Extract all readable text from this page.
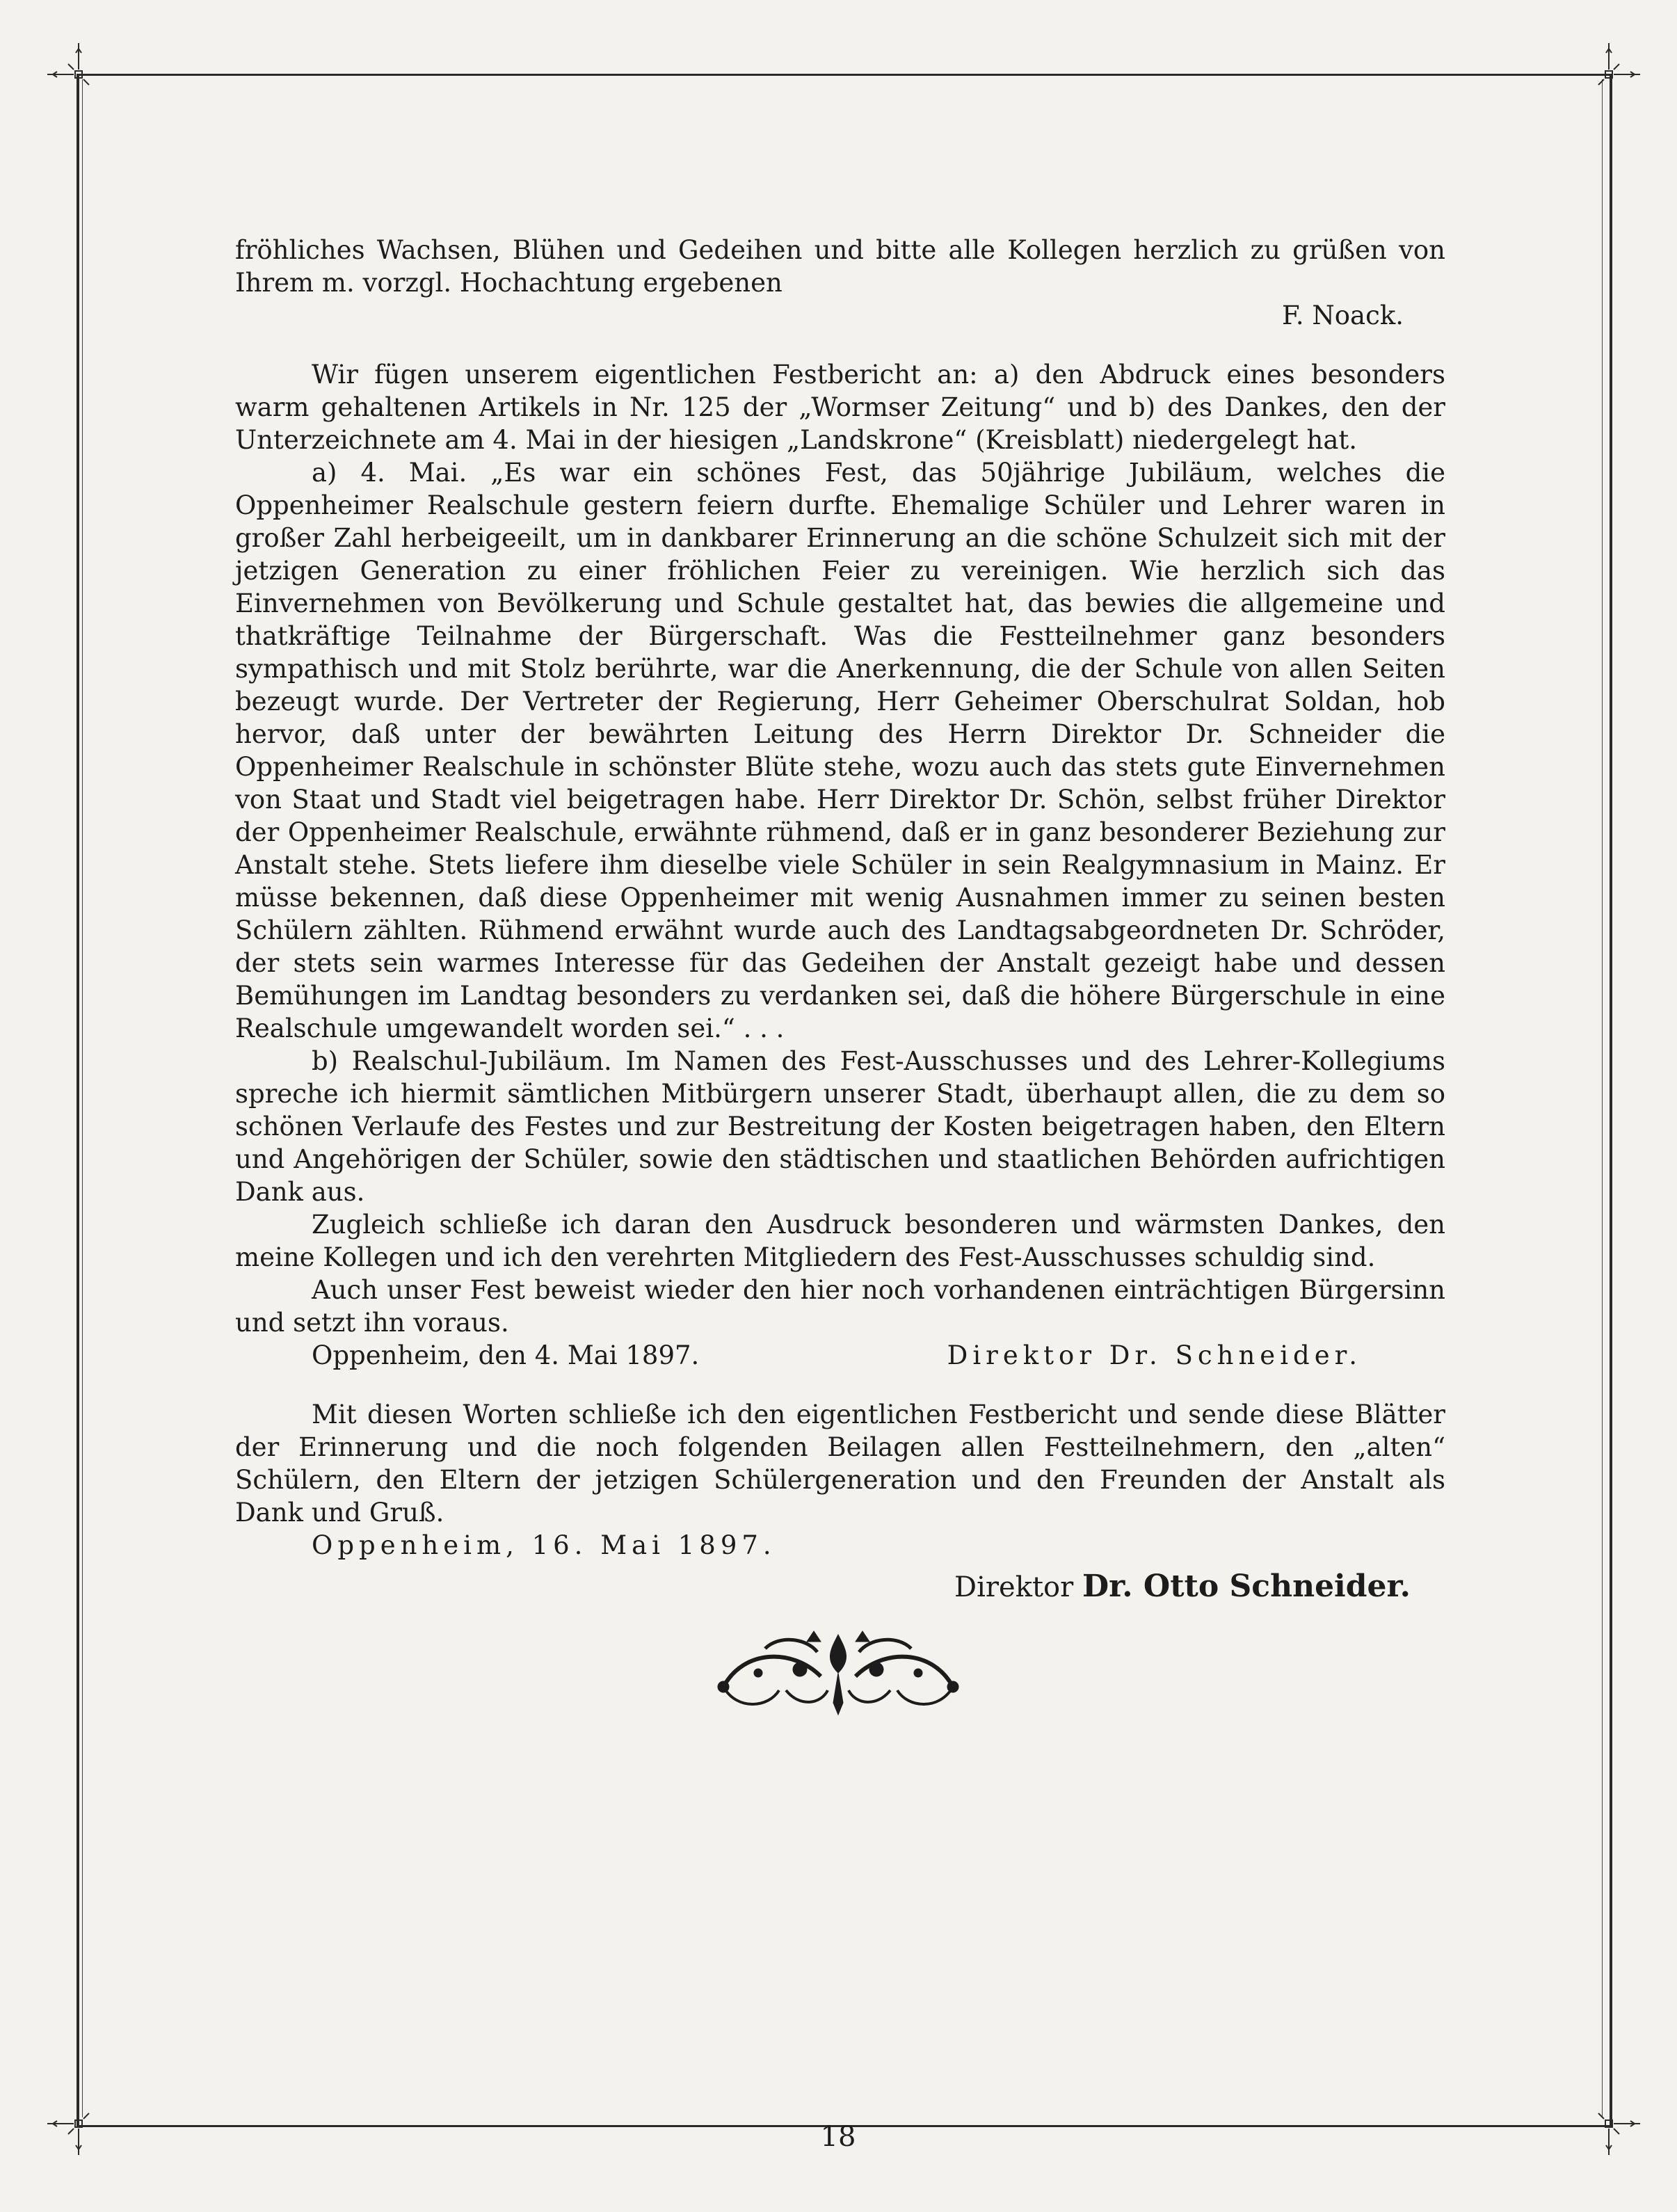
fröhliches Wachsen, Blühen und Gedeihen und bitte alle Kollegen herzlich zu grüßen von Ihrem m. vorzgl. Hochachtung ergebenen

F. Noack.

Wir fügen unserem eigentlichen Festbericht an: a) den Abdruck eines besonders warm gehaltenen Artikels in Nr. 125 der „Wormser Zeitung“ und b) des Dankes, den der Unterzeichnete am 4. Mai in der hiesigen „Landskrone“ (Kreisblatt) niedergelegt hat.

a) 4. Mai. „Es war ein schönes Fest, das 50jährige Jubiläum, welches die Oppenheimer Realschule gestern feiern durfte. Ehemalige Schüler und Lehrer waren in großer Zahl herbeigeeilt, um in dankbarer Erinnerung an die schöne Schulzeit sich mit der jetzigen Generation zu einer fröhlichen Feier zu vereinigen. Wie herzlich sich das Einvernehmen von Bevölkerung und Schule gestaltet hat, das bewies die allgemeine und thatkräftige Teilnahme der Bürgerschaft. Was die Festteilnehmer ganz besonders sympathisch und mit Stolz berührte, war die Anerkennung, die der Schule von allen Seiten bezeugt wurde. Der Vertreter der Regierung, Herr Geheimer Oberschulrat Soldan, hob hervor, daß unter der bewährten Leitung des Herrn Direktor Dr. Schneider die Oppenheimer Realschule in schönster Blüte stehe, wozu auch das stets gute Einvernehmen von Staat und Stadt viel beigetragen habe. Herr Direktor Dr. Schön, selbst früher Direktor der Oppenheimer Realschule, erwähnte rühmend, daß er in ganz besonderer Beziehung zur Anstalt stehe. Stets liefere ihm dieselbe viele Schüler in sein Realgymnasium in Mainz. Er müsse bekennen, daß diese Oppenheimer mit wenig Ausnahmen immer zu seinen besten Schülern zählten. Rühmend erwähnt wurde auch des Landtagsabgeordneten Dr. Schröder, der stets sein warmes Interesse für das Gedeihen der Anstalt gezeigt habe und dessen Bemühungen im Landtag besonders zu verdanken sei, daß die höhere Bürgerschule in eine Realschule umgewandelt worden sei.“ . . .

b) Realschul-Jubiläum. Im Namen des Fest-Ausschusses und des Lehrer-Kollegiums spreche ich hiermit sämtlichen Mitbürgern unserer Stadt, überhaupt allen, die zu dem so schönen Verlaufe des Festes und zur Bestreitung der Kosten beigetragen haben, den Eltern und Angehörigen der Schüler, sowie den städtischen und staatlichen Behörden aufrichtigen Dank aus.

Zugleich schließe ich daran den Ausdruck besonderen und wärmsten Dankes, den meine Kollegen und ich den verehrten Mitgliedern des Fest-Ausschusses schuldig sind.

Auch unser Fest beweist wieder den hier noch vorhandenen einträchtigen Bürgersinn und setzt ihn voraus.

Oppenheim, den 4. Mai 1897.	Direktor Dr. Schneider.

Mit diesen Worten schließe ich den eigentlichen Festbericht und sende diese Blätter der Erinnerung und die noch folgenden Beilagen allen Festteilnehmern, den „alten“ Schülern, den Eltern der jetzigen Schülergeneration und den Freunden der Anstalt als Dank und Gruß.

Oppenheim, 16. Mai 1897.

Direktor Dr. Otto Schneider.

18
